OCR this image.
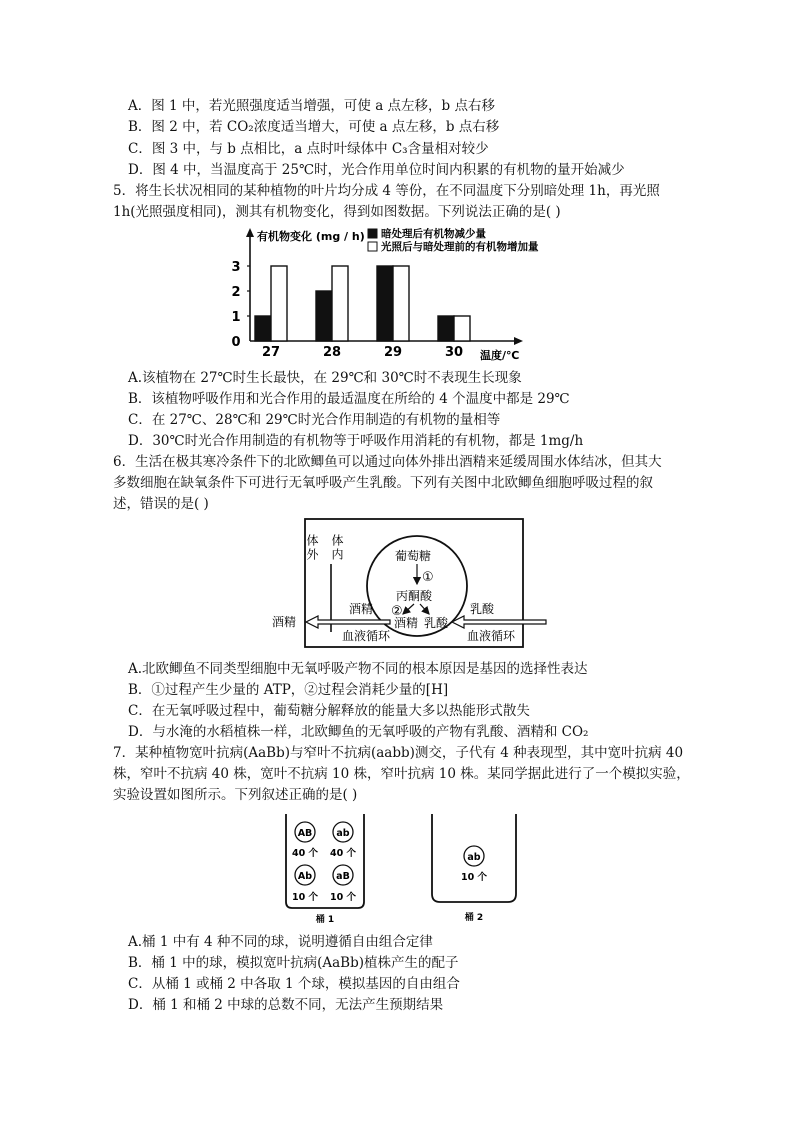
A．图 1 中，若光照强度适当增强，可使 a 点左移，b 点右移
B．图 2 中，若 CO₂浓度适当增大，可使 a 点左移，b 点右移
C．图 3 中，与 b 点相比，a 点时叶绿体中 C₃含量相对较少
D．图 4 中，当温度高于 25℃时，光合作用单位时间内积累的有机物的量开始减少
5．将生长状况相同的某种植物的叶片均分成 4 等份，在不同温度下分别暗处理 1h，再光照
1h(光照强度相同)，测其有机物变化，得到如图数据。下列说法正确的是( )
有机物变化 (mg / h)
温度/℃
暗处理后有机物减少量
光照后与暗处理前的有机物增加量
0
1
2
3
27	28	29	30
A.该植物在 27℃时生长最快，在 29℃和 30℃时不表现生长现象
B．该植物呼吸作用和光合作用的最适温度在所给的 4 个温度中都是 29℃
C．在 27℃、28℃和 29℃时光合作用制造的有机物的量相等
D．30℃时光合作用制造的有机物等于呼吸作用消耗的有机物，都是 1mg/h
6．生活在极其寒冷条件下的北欧鲫鱼可以通过向体外排出酒精来延缓周围水体结冰，但其大
多数细胞在缺氧条件下可进行无氧呼吸产生乳酸。下列有关图中北欧鲫鱼细胞呼吸过程的叙
述，错误的是( )
体外 体内	葡萄糖
①
丙酮酸
②
酒精 乳酸
酒精	乳酸
血液循环	血液循环
酒精
A.北欧鲫鱼不同类型细胞中无氧呼吸产物不同的根本原因是基因的选择性表达
B．①过程产生少量的 ATP，②过程会消耗少量的[H]
C．在无氧呼吸过程中，葡萄糖分解释放的能量大多以热能形式散失
D．与水淹的水稻植株一样，北欧鲫鱼的无氧呼吸的产物有乳酸、酒精和 CO₂
7．某种植物宽叶抗病(AaBb)与窄叶不抗病(aabb)测交，子代有 4 种表现型，其中宽叶抗病 40
株，窄叶不抗病 40 株，宽叶不抗病 10 株，窄叶抗病 10 株。某同学据此进行了一个模拟实验，
实验设置如图所示。下列叙述正确的是( )
AB
40 个
ab
40 个
Ab
10 个
aB
10 个
桶 1
ab
10 个
桶 2
A.桶 1 中有 4 种不同的球，说明遵循自由组合定律
B．桶 1 中的球，模拟宽叶抗病(AaBb)植株产生的配子
C．从桶 1 或桶 2 中各取 1 个球，模拟基因的自由组合
D．桶 1 和桶 2 中球的总数不同，无法产生预期结果
